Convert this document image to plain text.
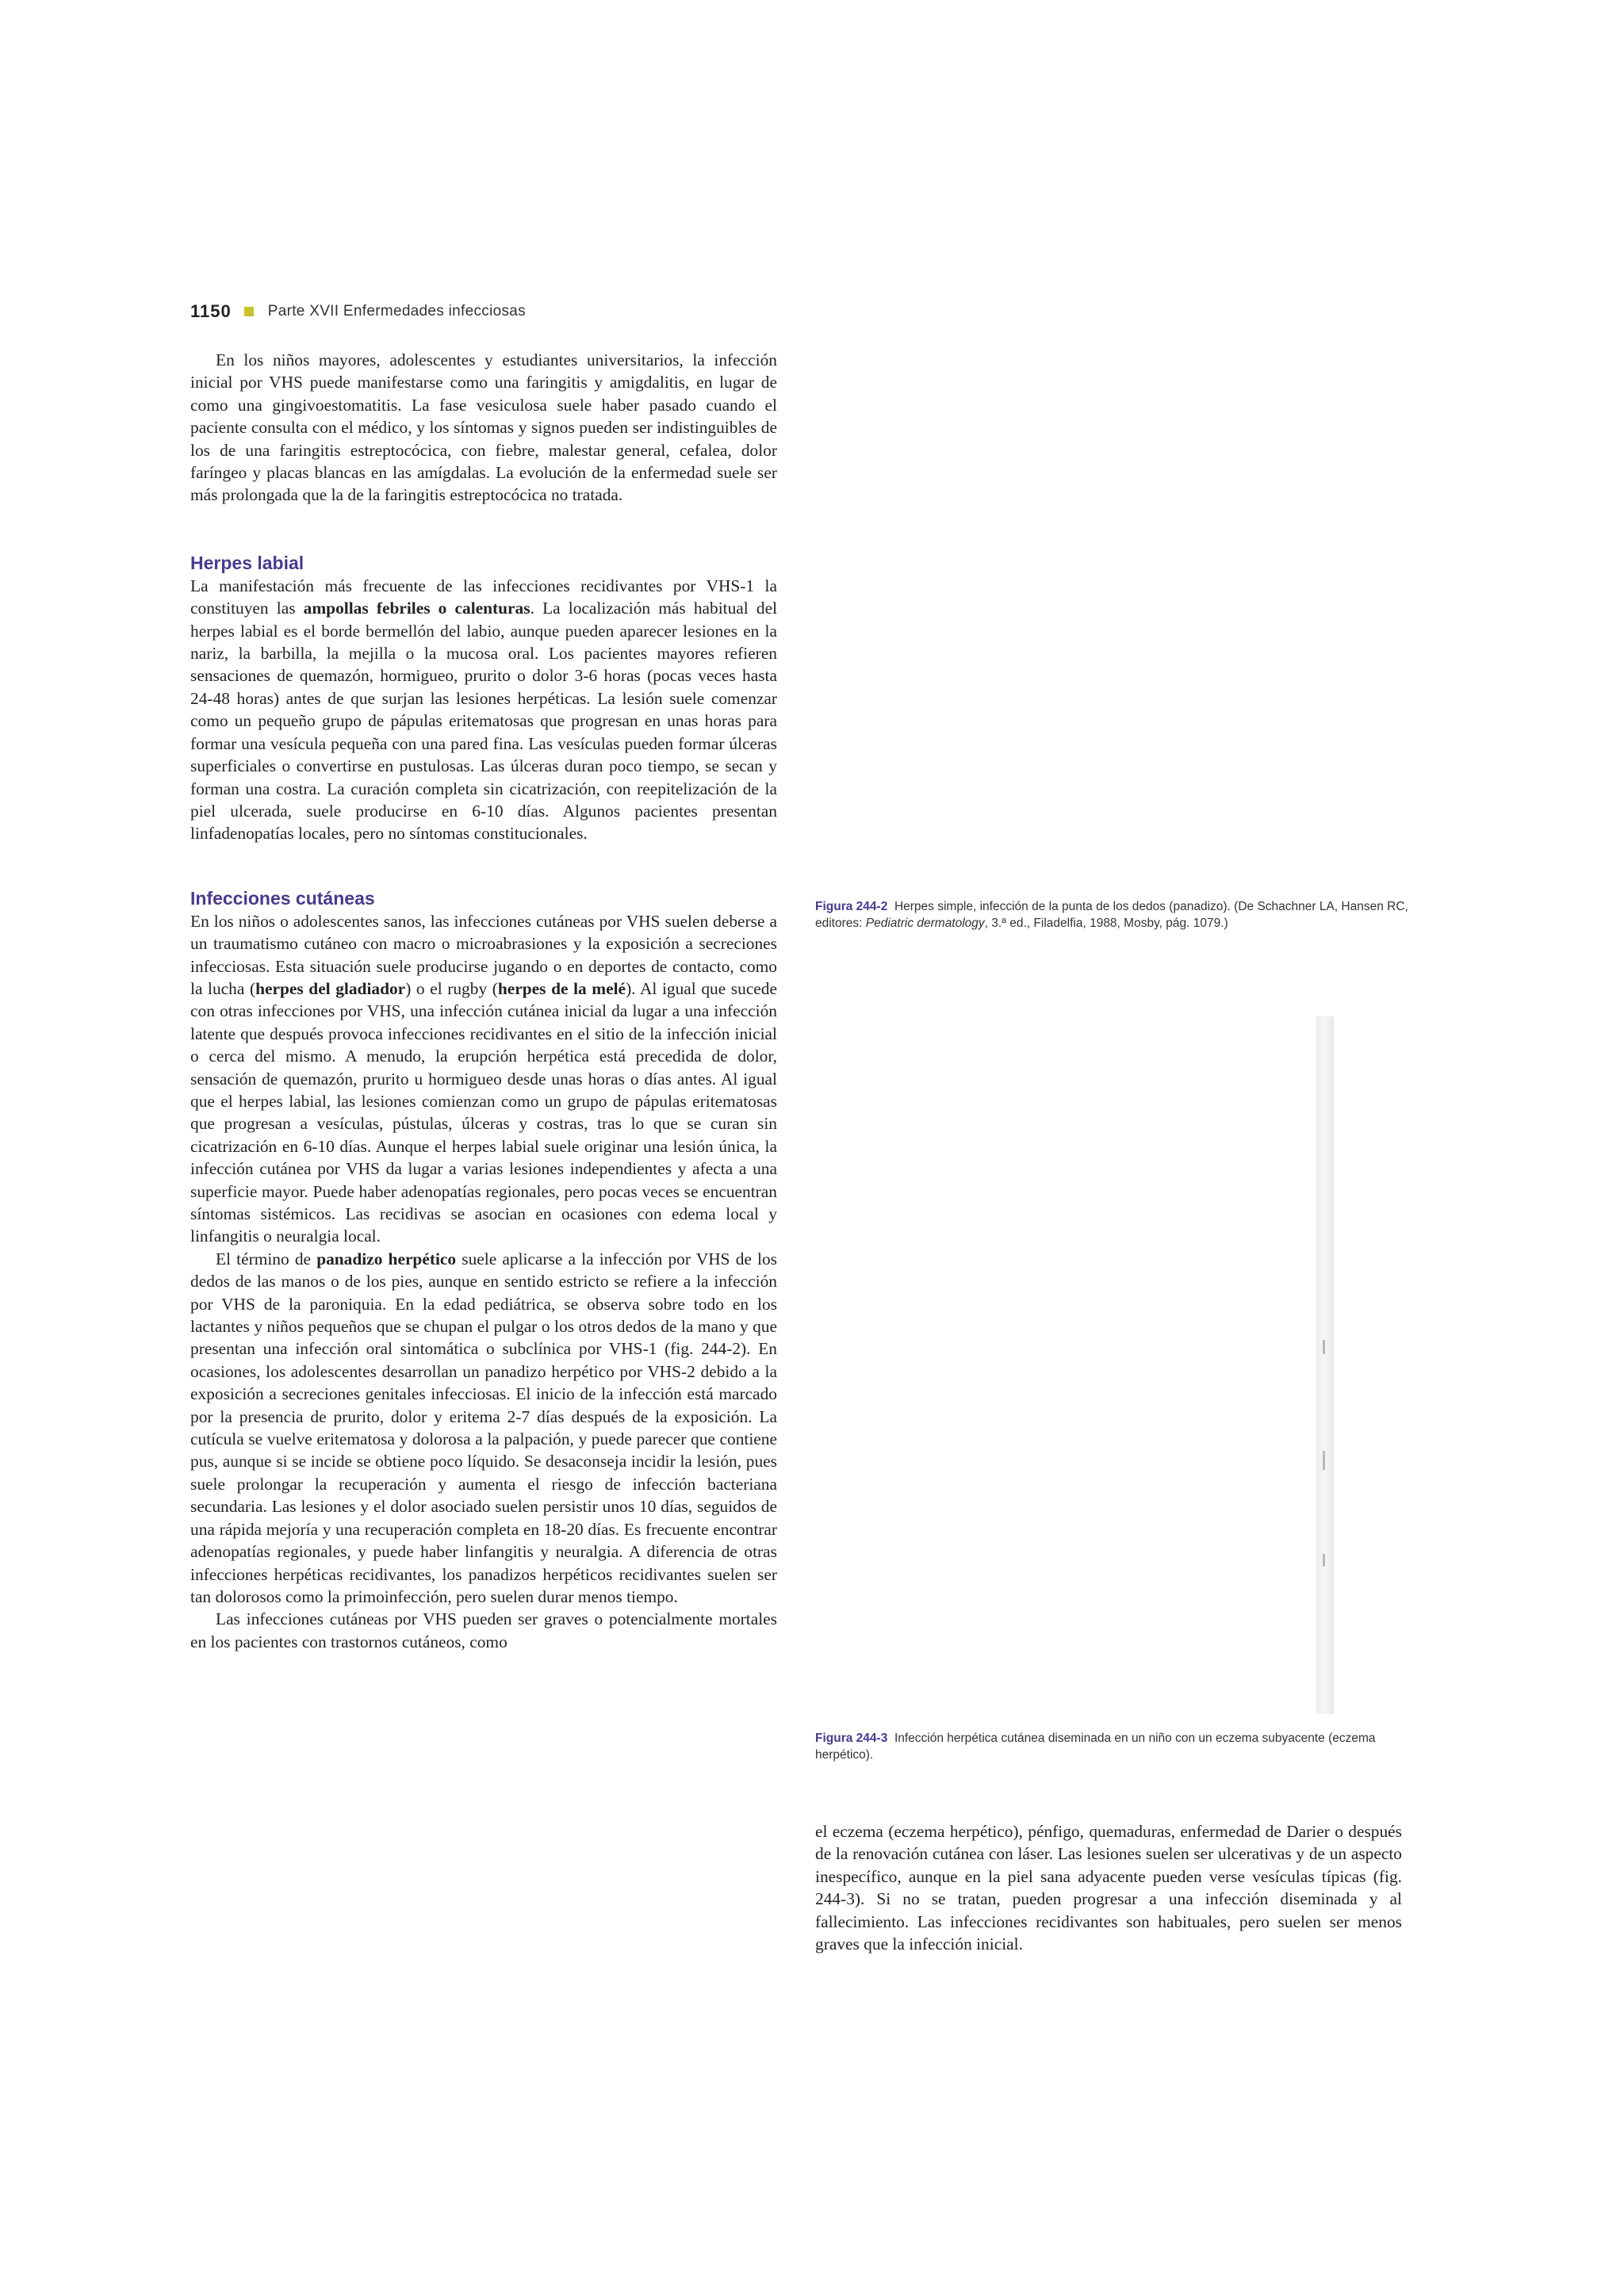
1150 Parte XVII Enfermedades infecciosas

En los niños mayores, adolescentes y estudiantes universitarios, la infección inicial por VHS puede manifestarse como una faringitis y amigdalitis, en lugar de como una gingivoestomatitis. La fase vesiculosa suele haber pasado cuando el paciente consulta con el médico, y los síntomas y signos pueden ser indistinguibles de los de una faringitis estreptocócica, con fiebre, malestar general, cefalea, dolor faríngeo y placas blancas en las amígdalas. La evolución de la enfermedad suele ser más prolongada que la de la faringitis estreptocócica no tratada.

Herpes labial

La manifestación más frecuente de las infecciones recidivantes por VHS-1 la constituyen las ampollas febriles o calenturas. La localización más habitual del herpes labial es el borde bermellón del labio, aunque pueden aparecer lesiones en la nariz, la barbilla, la mejilla o la mucosa oral. Los pacientes mayores refieren sensaciones de quemazón, hormigueo, prurito o dolor 3-6 horas (pocas veces hasta 24-48 horas) antes de que surjan las lesiones herpéticas. La lesión suele comenzar como un pequeño grupo de pápulas eritematosas que progresan en unas horas para formar una vesícula pequeña con una pared fina. Las vesículas pueden formar úlceras superficiales o convertirse en pustulosas. Las úlceras duran poco tiempo, se secan y forman una costra. La curación completa sin cicatrización, con reepitelización de la piel ulcerada, suele producirse en 6-10 días. Algunos pacientes presentan linfadenopatías locales, pero no síntomas constitucionales.

Infecciones cutáneas

En los niños o adolescentes sanos, las infecciones cutáneas por VHS suelen deberse a un traumatismo cutáneo con macro o microabrasiones y la exposición a secreciones infecciosas. Esta situación suele producirse jugando o en deportes de contacto, como la lucha (herpes del gladiador) o el rugby (herpes de la melé). Al igual que sucede con otras infecciones por VHS, una infección cutánea inicial da lugar a una infección latente que después provoca infecciones recidivantes en el sitio de la infección inicial o cerca del mismo. A menudo, la erupción herpética está precedida de dolor, sensación de quemazón, prurito u hormigueo desde unas horas o días antes. Al igual que el herpes labial, las lesiones comienzan como un grupo de pápulas eritematosas que progresan a vesículas, pústulas, úlceras y costras, tras lo que se curan sin cicatrización en 6-10 días. Aunque el herpes labial suele originar una lesión única, la infección cutánea por VHS da lugar a varias lesiones independientes y afecta a una superficie mayor. Puede haber adenopatías regionales, pero pocas veces se encuentran síntomas sistémicos. Las recidivas se asocian en ocasiones con edema local y linfangitis o neuralgia local.

El término de panadizo herpético suele aplicarse a la infección por VHS de los dedos de las manos o de los pies, aunque en sentido estricto se refiere a la infección por VHS de la paroniquia. En la edad pediátrica, se observa sobre todo en los lactantes y niños pequeños que se chupan el pulgar o los otros dedos de la mano y que presentan una infección oral sintomática o subclínica por VHS-1 (fig. 244-2). En ocasiones, los adolescentes desarrollan un panadizo herpético por VHS-2 debido a la exposición a secreciones genitales infecciosas. El inicio de la infección está marcado por la presencia de prurito, dolor y eritema 2-7 días después de la exposición. La cutícula se vuelve eritematosa y dolorosa a la palpación, y puede parecer que contiene pus, aunque si se incide se obtiene poco líquido. Se desaconseja incidir la lesión, pues suele prolongar la recuperación y aumenta el riesgo de infección bacteriana secundaria. Las lesiones y el dolor asociado suelen persistir unos 10 días, seguidos de una rápida mejoría y una recuperación completa en 18-20 días. Es frecuente encontrar adenopatías regionales, y puede haber linfangitis y neuralgia. A diferencia de otras infecciones herpéticas recidivantes, los panadizos herpéticos recidivantes suelen ser tan dolorosos como la primoinfección, pero suelen durar menos tiempo.

Las infecciones cutáneas por VHS pueden ser graves o potencialmente mortales en los pacientes con trastornos cutáneos, como

Figura 244-2 Herpes simple, infección de la punta de los dedos (panadizo). (De Schachner LA, Hansen RC, editores: Pediatric dermatology, 3.ª ed., Filadelfia, 1988, Mosby, pág. 1079.)
Figura 244-3 Infección herpética cutánea diseminada en un niño con un eczema subyacente (eczema herpético).

el eczema (eczema herpético), pénfigo, quemaduras, enfermedad de Darier o después de la renovación cutánea con láser. Las lesiones suelen ser ulcerativas y de un aspecto inespecífico, aunque en la piel sana adyacente pueden verse vesículas típicas (fig. 244-3). Si no se tratan, pueden progresar a una infección diseminada y al fallecimiento. Las infecciones recidivantes son habituales, pero suelen ser menos graves que la infección inicial.
